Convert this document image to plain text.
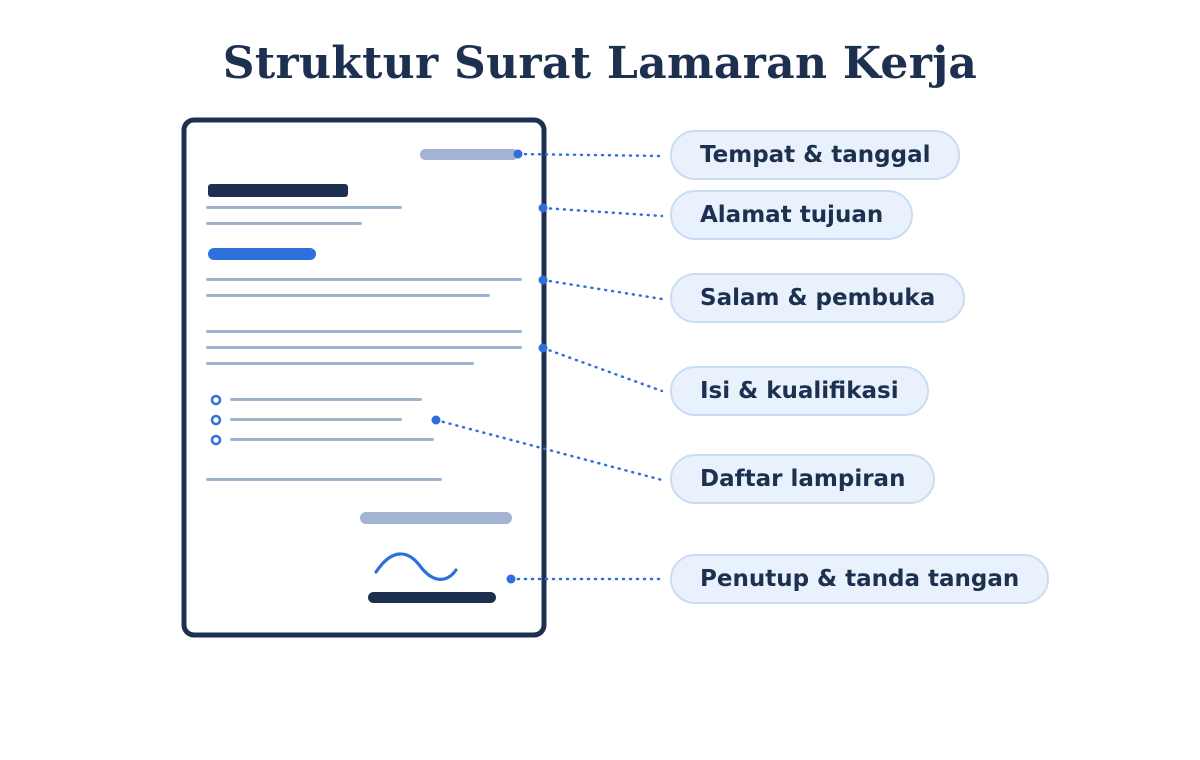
Struktur Surat Lamaran Kerja
Tempat & tanggal
Alamat tujuan
Salam & pembuka
Isi & kualifikasi
Daftar lampiran
Penutup & tanda tangan
